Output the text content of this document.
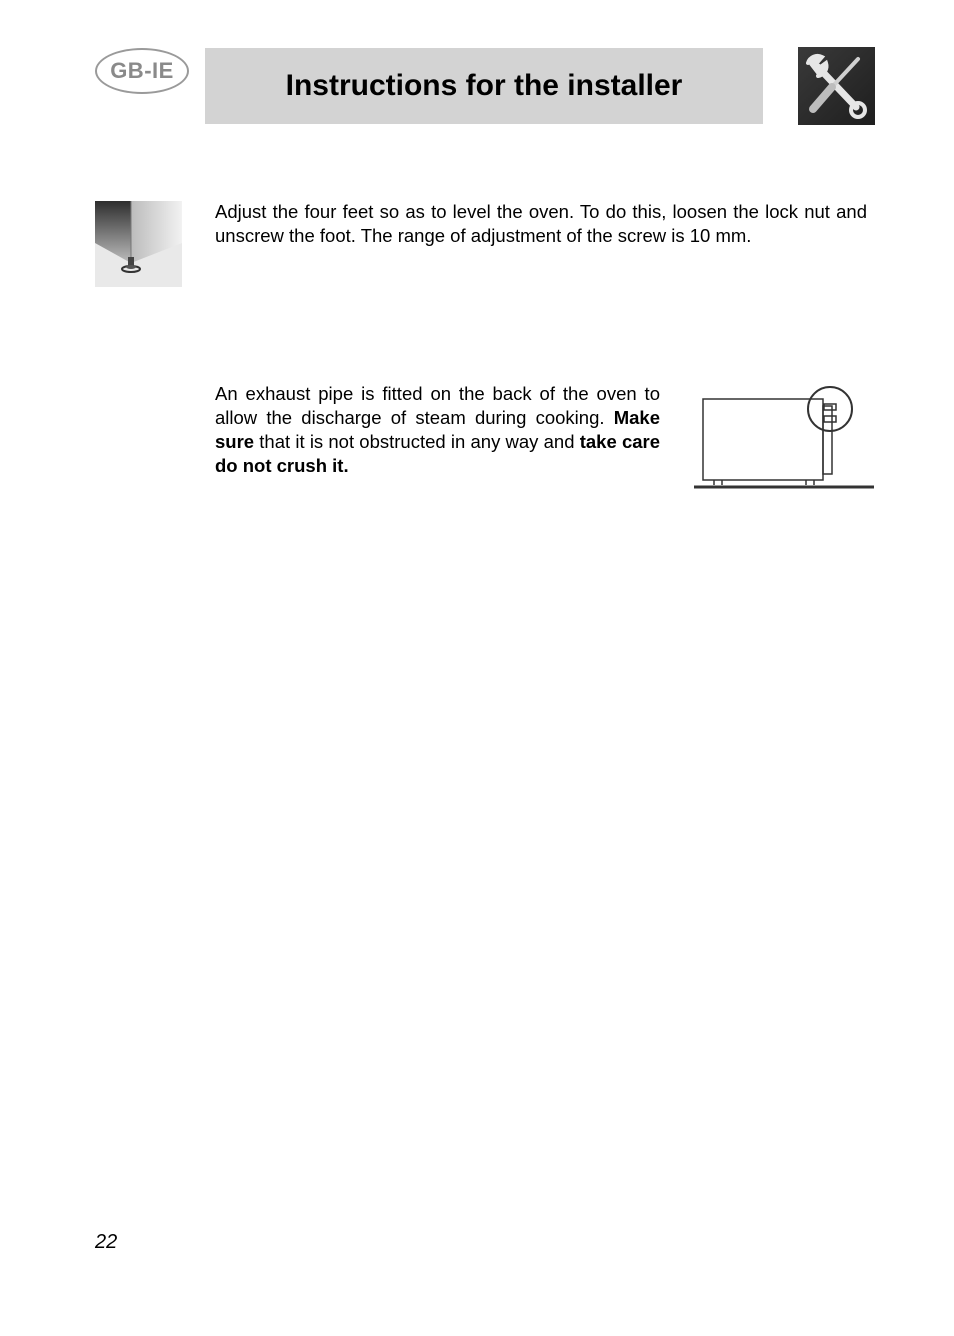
GB-IE	Instructions for the installer

Adjust the four feet so as to level the oven. To do this, loosen the lock nut and unscrew the foot. The range of adjustment of the screw is 10 mm.

An exhaust pipe is fitted on the back of the oven to allow the discharge of steam during cooking. Make sure that it is not obstructed in any way and take care do not crush it.

22
